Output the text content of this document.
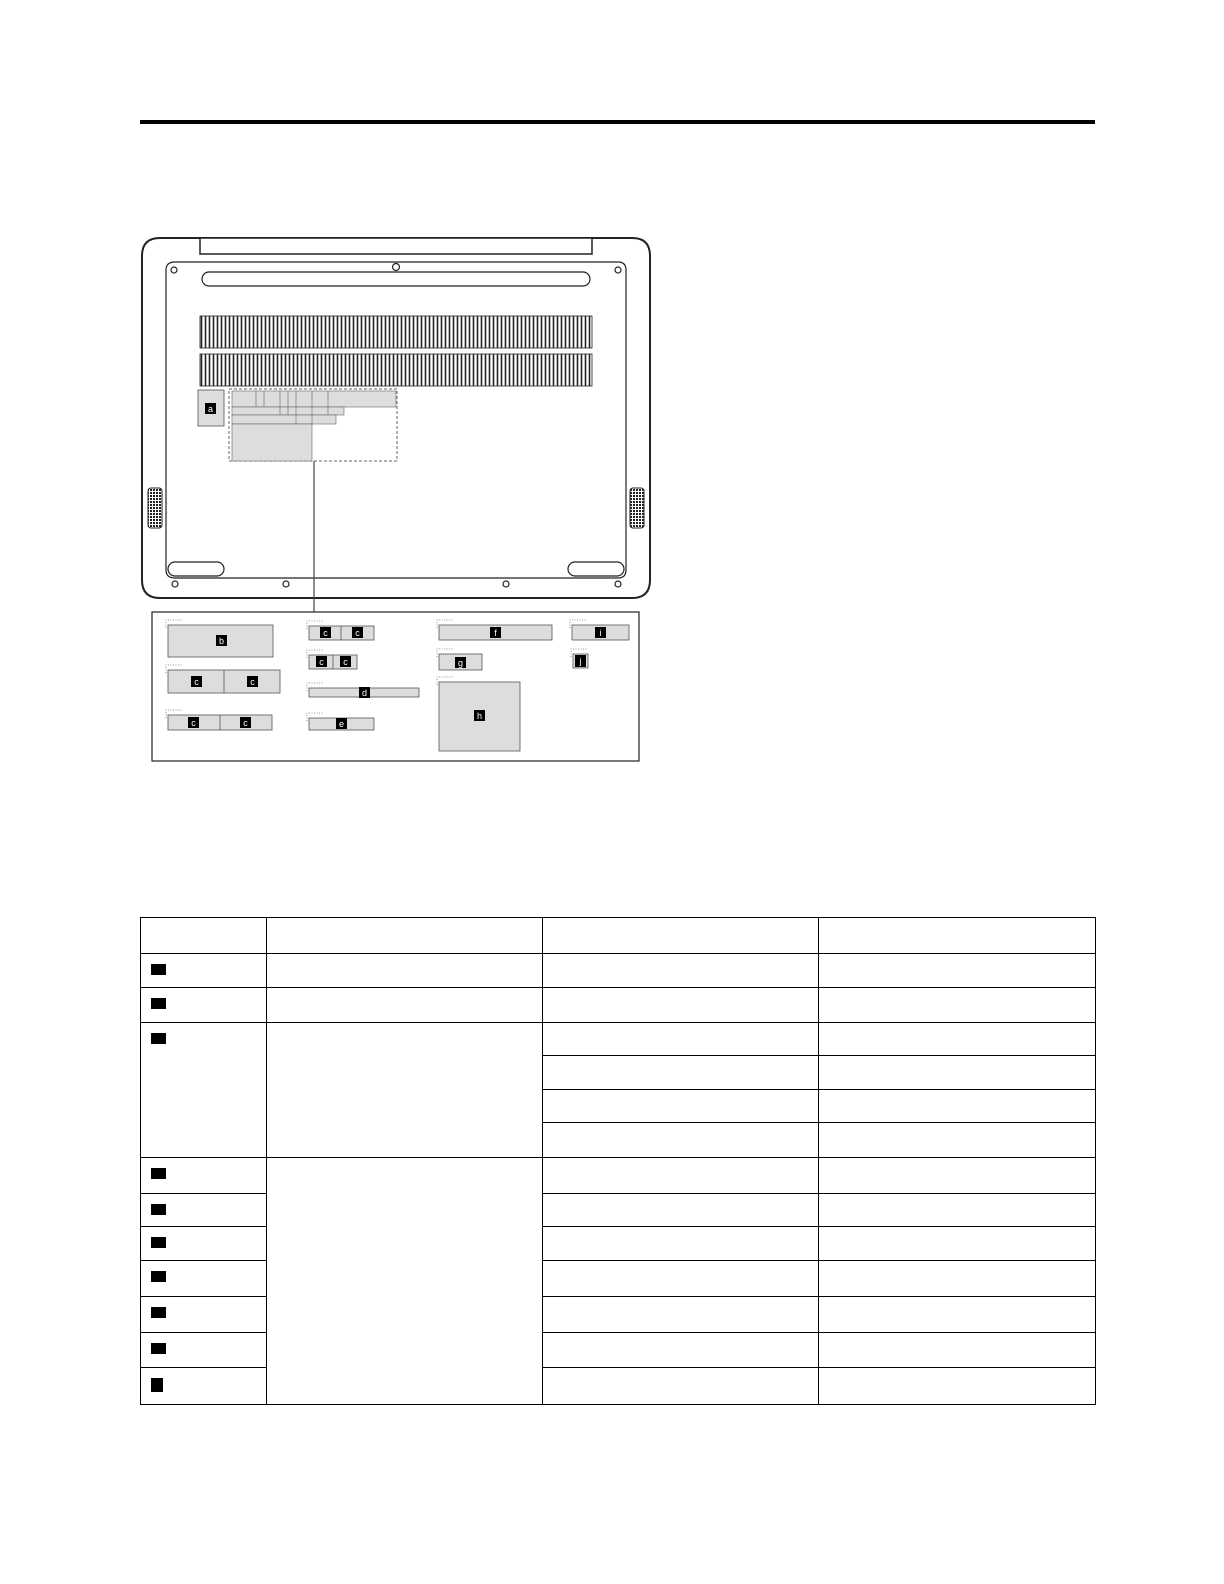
a
b
c	c
c	c
c	c
c c
d
e
f
g
h
i
j
